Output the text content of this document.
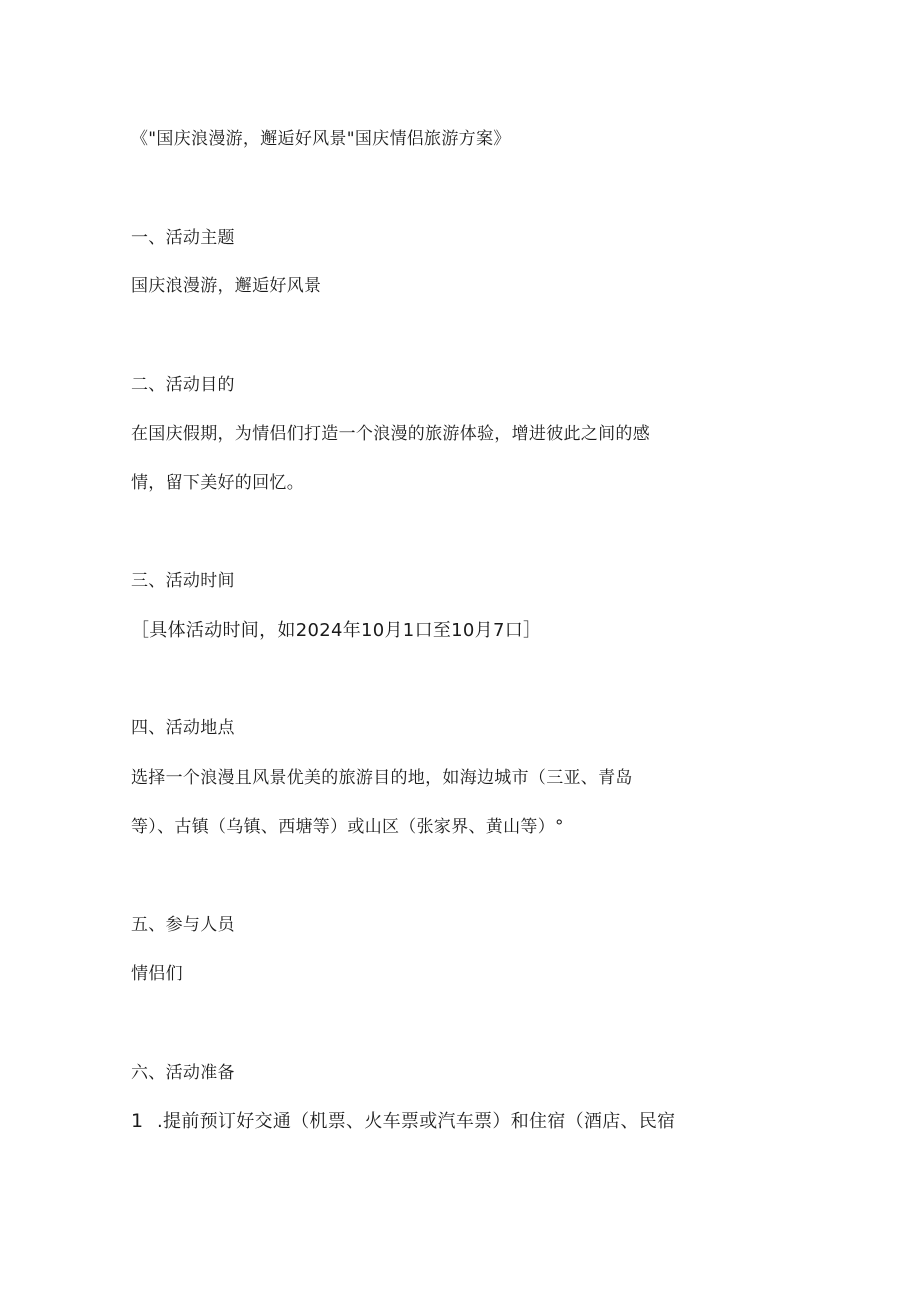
《"国庆浪漫游，邂逅好风景"国庆情侣旅游方案》
一、活动主题
国庆浪漫游，邂逅好风景
二、活动目的
在国庆假期，为情侣们打造一个浪漫的旅游体验，增进彼此之间的感
情，留下美好的回忆。
三、活动时间
［具体活动时间，如2024年10月1口至10月7口］
四、活动地点
选择一个浪漫且风景优美的旅游目的地，如海边城市（三亚、青岛
等）、古镇（乌镇、西塘等）或山区（张家界、黄山等）°
五、参与人员
情侣们
六、活动准备
1 .提前预订好交通（机票、火车票或汽车票）和住宿（酒店、民宿
